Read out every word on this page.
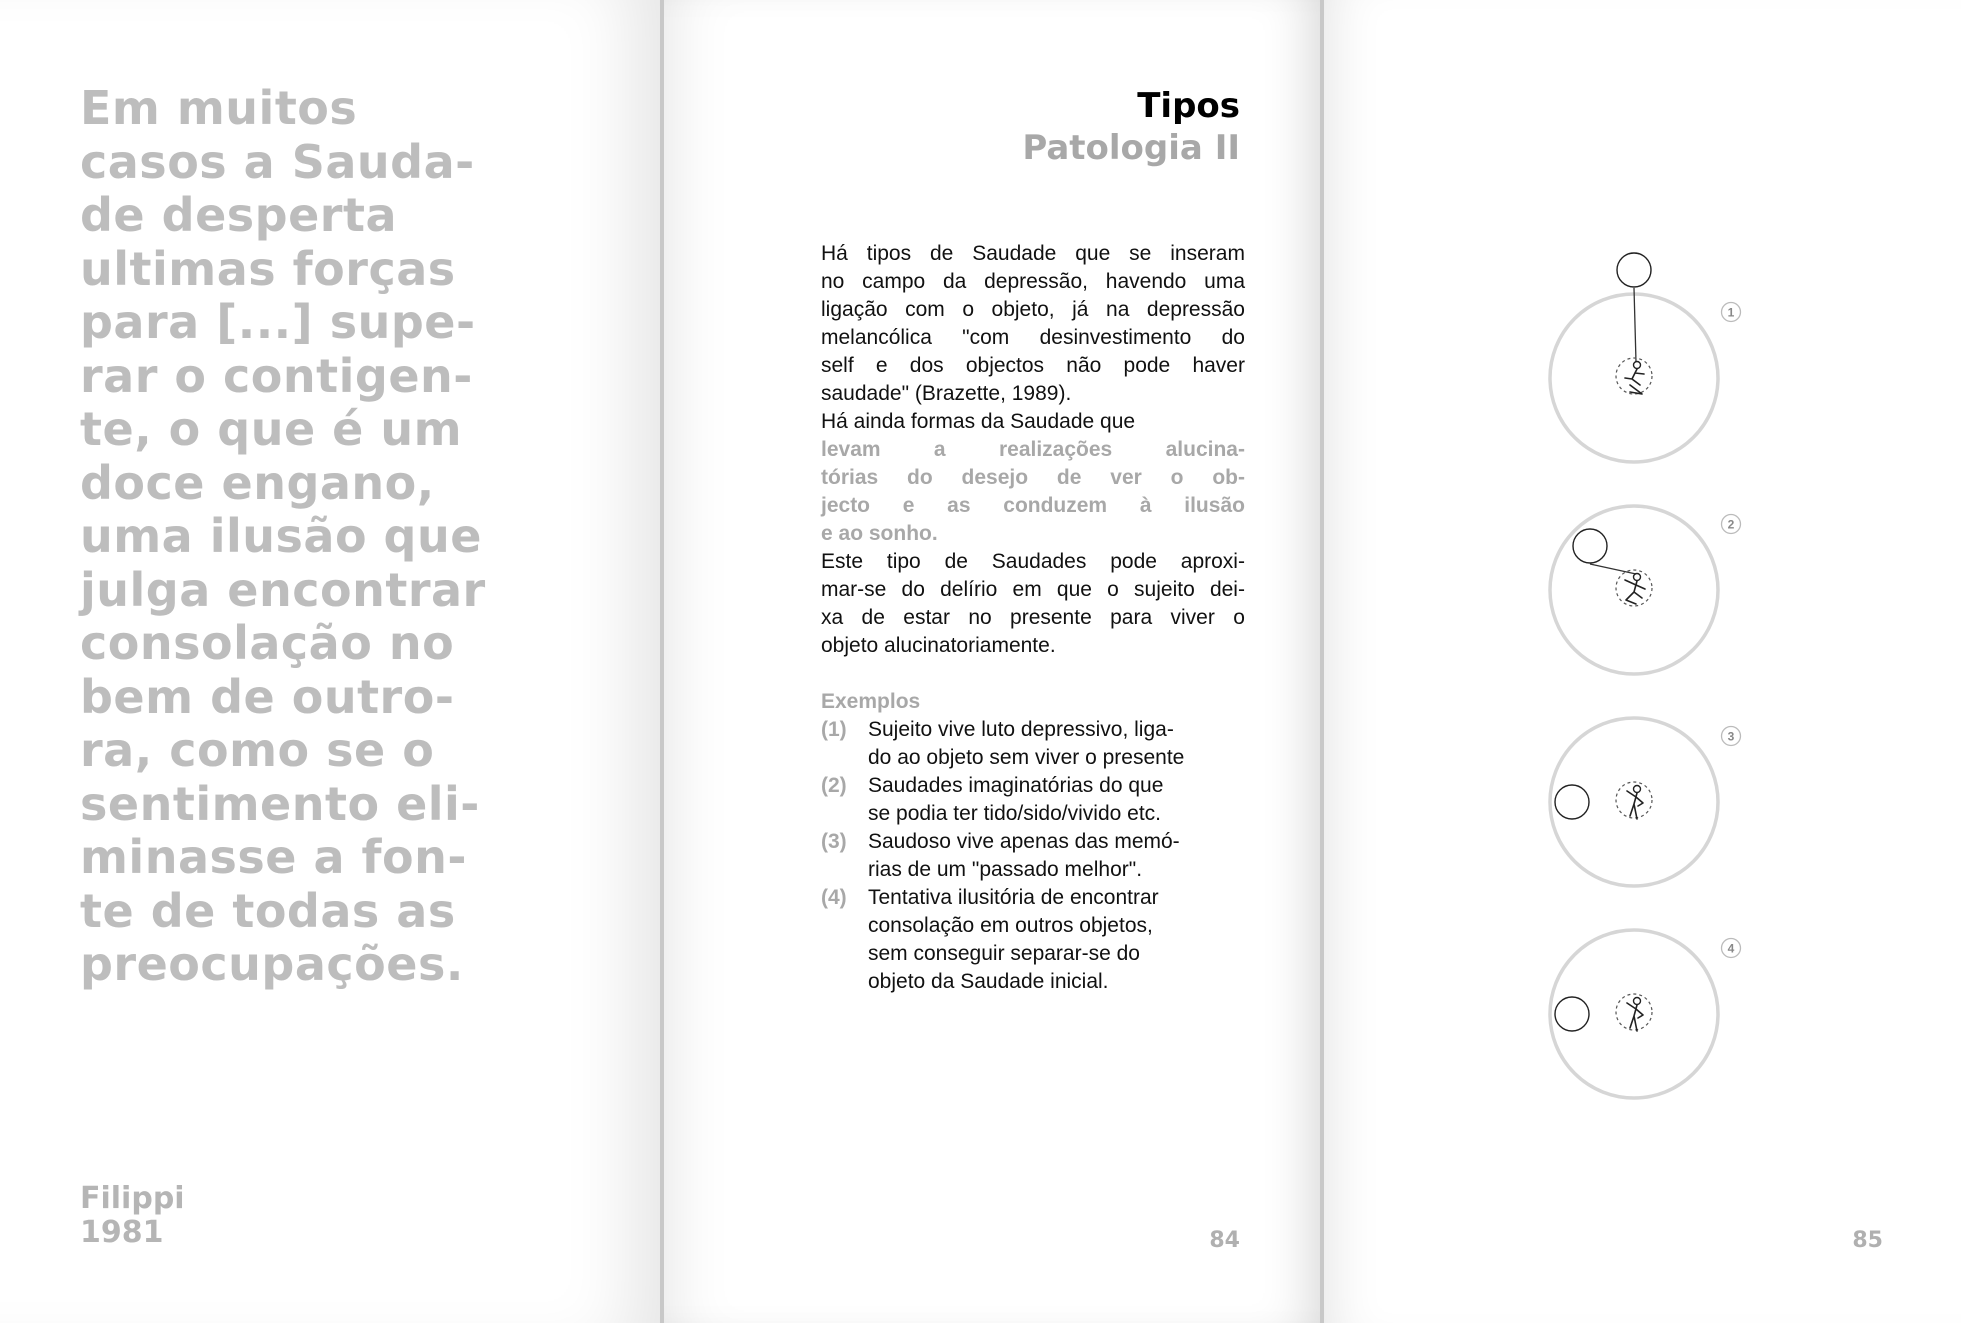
Em muitos
casos a Sauda-
de desperta
ultimas forças
para [...] supe-
rar o contigen-
te, o que é um
doce engano,
uma ilusão que
julga encontrar
consolação no
bem de outro-
ra, como se o
sentimento eli-
minasse a fon-
te de todas as
preocupações.

Filippi
1981
Tipos
Patologia II
Há tipos de Saudade que se inseram
no campo da depressão, havendo uma
ligação com o objeto, já na depressão
melancólica "com desinvestimento do
self e dos objectos não pode haver
saudade" (Brazette, 1989).
Há ainda formas da Saudade que
levam	a	realizações	alucina-
tórias do desejo de ver o ob-
jecto e as conduzem à ilusão
e ao sonho.
Este tipo de Saudades pode aproxi-
mar-se do delírio em que o sujeito dei-
xa de estar no presente para viver o
objeto alucinatoriamente.
Exemplos
(1) Sujeito vive luto depressivo, liga-
do ao objeto sem viver o presente
(2) Saudades imaginatórias do que
se podia ter tido/sido/vivido etc.
(3) Saudoso vive apenas das memó-
rias de um "passado melhor".
(4) Tentativa ilusitória de encontrar
consolação em outros objetos,
sem conseguir separar-se do
objeto da Saudade inicial.
84
1
2
3
4
85
